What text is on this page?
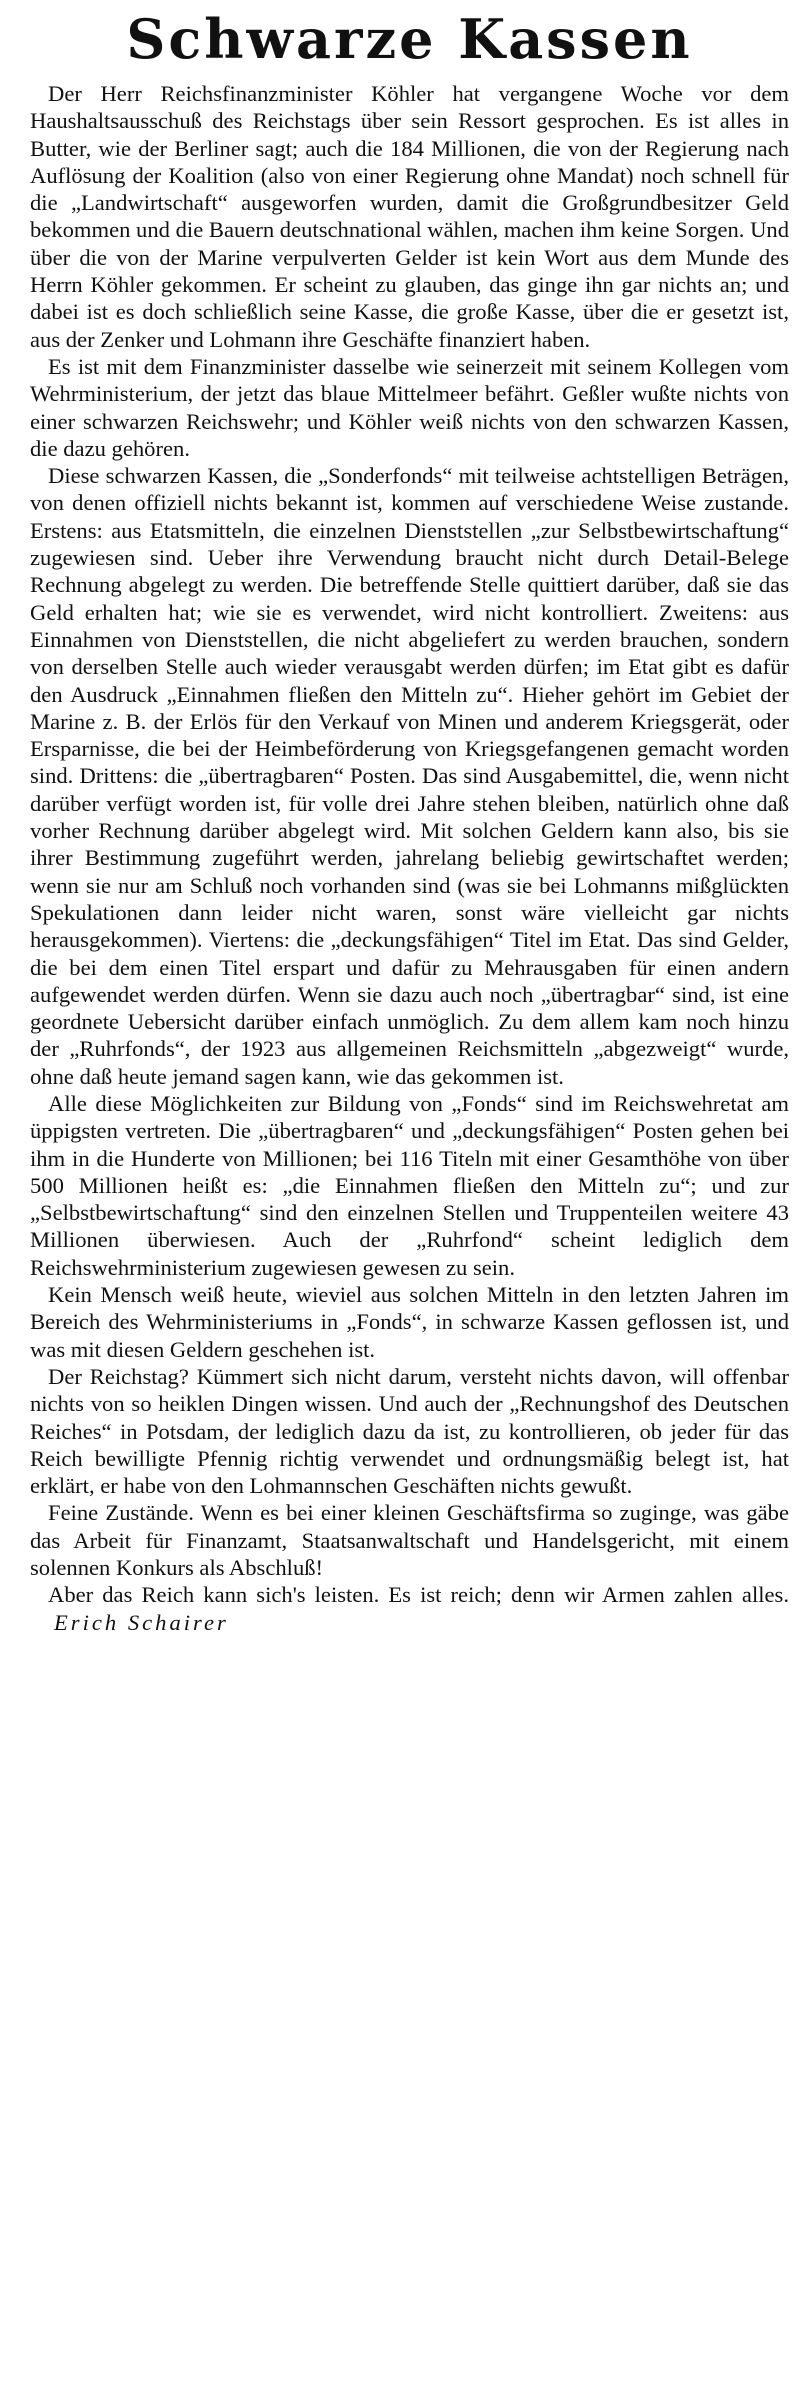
Schwarze Kassen

Der Herr Reichsfinanzminister Köhler hat vergangene Woche vor dem Haushaltsausschuß des Reichstags über sein Ressort gesprochen. Es ist alles in Butter, wie der Berliner sagt; auch die 184 Millionen, die von der Regierung nach Auflösung der Koalition (also von einer Regierung ohne Mandat) noch schnell für die „Landwirtschaft“ ausgeworfen wurden, damit die Großgrundbesitzer Geld bekommen und die Bauern deutschnational wählen, machen ihm keine Sorgen. Und über die von der Marine verpulverten Gelder ist kein Wort aus dem Munde des Herrn Köhler gekommen. Er scheint zu glauben, das ginge ihn gar nichts an; und dabei ist es doch schließlich seine Kasse, die große Kasse, über die er gesetzt ist, aus der Zenker und Lohmann ihre Geschäfte finanziert haben.

Es ist mit dem Finanzminister dasselbe wie seinerzeit mit seinem Kollegen vom Wehrministerium, der jetzt das blaue Mittelmeer befährt. Geßler wußte nichts von einer schwarzen Reichswehr; und Köhler weiß nichts von den schwarzen Kassen, die dazu gehören.

Diese schwarzen Kassen, die „Sonderfonds“ mit teilweise achtstelligen Beträgen, von denen offiziell nichts bekannt ist, kommen auf verschiedene Weise zustande. Erstens: aus Etatsmitteln, die einzelnen Dienststellen „zur Selbstbewirtschaftung“ zugewiesen sind. Ueber ihre Verwendung braucht nicht durch Detail-Belege Rechnung abgelegt zu werden. Die betreffende Stelle quittiert darüber, daß sie das Geld erhalten hat; wie sie es verwendet, wird nicht kontrolliert. Zweitens: aus Einnahmen von Dienststellen, die nicht abgeliefert zu werden brauchen, sondern von derselben Stelle auch wieder verausgabt werden dürfen; im Etat gibt es dafür den Ausdruck „Einnahmen fließen den Mitteln zu“. Hieher gehört im Gebiet der Marine z. B. der Erlös für den Verkauf von Minen und anderem Kriegsgerät, oder Ersparnisse, die bei der Heimbeförderung von Kriegsgefangenen gemacht worden sind. Drittens: die „übertragbaren“ Posten. Das sind Ausgabemittel, die, wenn nicht darüber verfügt worden ist, für volle drei Jahre stehen bleiben, natürlich ohne daß vorher Rechnung darüber abgelegt wird. Mit solchen Geldern kann also, bis sie ihrer Bestimmung zugeführt werden, jahrelang beliebig gewirtschaftet werden; wenn sie nur am Schluß noch vorhanden sind (was sie bei Lohmanns mißglückten Spekulationen dann leider nicht waren, sonst wäre vielleicht gar nichts herausgekommen). Viertens: die „deckungsfähigen“ Titel im Etat. Das sind Gelder, die bei dem einen Titel erspart und dafür zu Mehrausgaben für einen andern aufgewendet werden dürfen. Wenn sie dazu auch noch „übertragbar“ sind, ist eine geordnete Uebersicht darüber einfach unmöglich. Zu dem allem kam noch hinzu der „Ruhrfonds“, der 1923 aus allgemeinen Reichsmitteln „abgezweigt“ wurde, ohne daß heute jemand sagen kann, wie das gekommen ist.

Alle diese Möglichkeiten zur Bildung von „Fonds“ sind im Reichswehretat am üppigsten vertreten. Die „übertragbaren“ und „deckungsfähigen“ Posten gehen bei ihm in die Hunderte von Millionen; bei 116 Titeln mit einer Gesamthöhe von über 500 Millionen heißt es: „die Einnahmen fließen den Mitteln zu“; und zur „Selbstbewirtschaftung“ sind den einzelnen Stellen und Truppenteilen weitere 43 Millionen überwiesen. Auch der „Ruhrfond“ scheint lediglich dem Reichswehrministerium zugewiesen gewesen zu sein.

Kein Mensch weiß heute, wieviel aus solchen Mitteln in den letzten Jahren im Bereich des Wehrministeriums in „Fonds“, in schwarze Kassen geflossen ist, und was mit diesen Geldern geschehen ist.

Der Reichstag? Kümmert sich nicht darum, versteht nichts davon, will offenbar nichts von so heiklen Dingen wissen. Und auch der „Rechnungshof des Deutschen Reiches“ in Potsdam, der lediglich dazu da ist, zu kontrollieren, ob jeder für das Reich bewilligte Pfennig richtig verwendet und ordnungsmäßig belegt ist, hat erklärt, er habe von den Lohmannschen Geschäften nichts gewußt.

Feine Zustände. Wenn es bei einer kleinen Geschäftsfirma so zuginge, was gäbe das Arbeit für Finanzamt, Staatsanwaltschaft und Handelsgericht, mit einem solennen Konkurs als Abschluß!

Aber das Reich kann sich's leisten. Es ist reich; denn wir Armen zahlen alles. Erich Schairer
